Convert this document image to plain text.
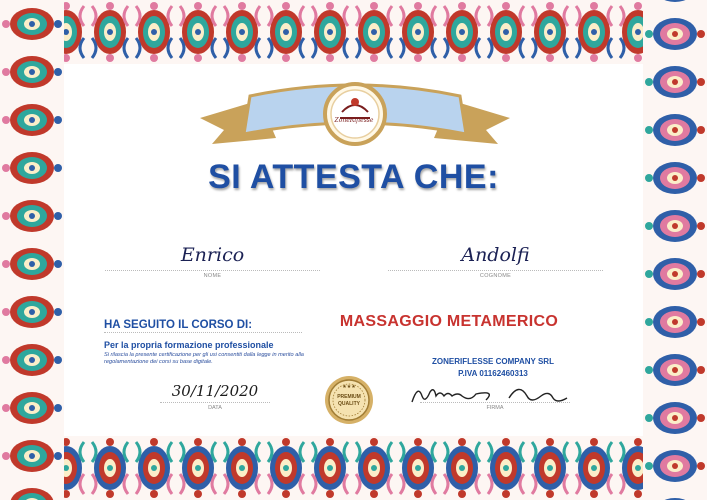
ZoneRiflesse
SI ATTESTA CHE:
Enrico
NOME
Andolfi
COGNOME
HA SEGUITO IL CORSO DI:	MASSAGGIO METAMERICO
Per la propria formazione professionale
Si rilascia la presente certificazione per gli usi consentiti dalla legge in merito alla regolamentazione dei corsi su base digitale.
30/11/2020
DATA
PREMIUM
QUALITY
★★★
ZONERIFLESSE COMPANY SRL
P.IVA 01162460313
FIRMA
